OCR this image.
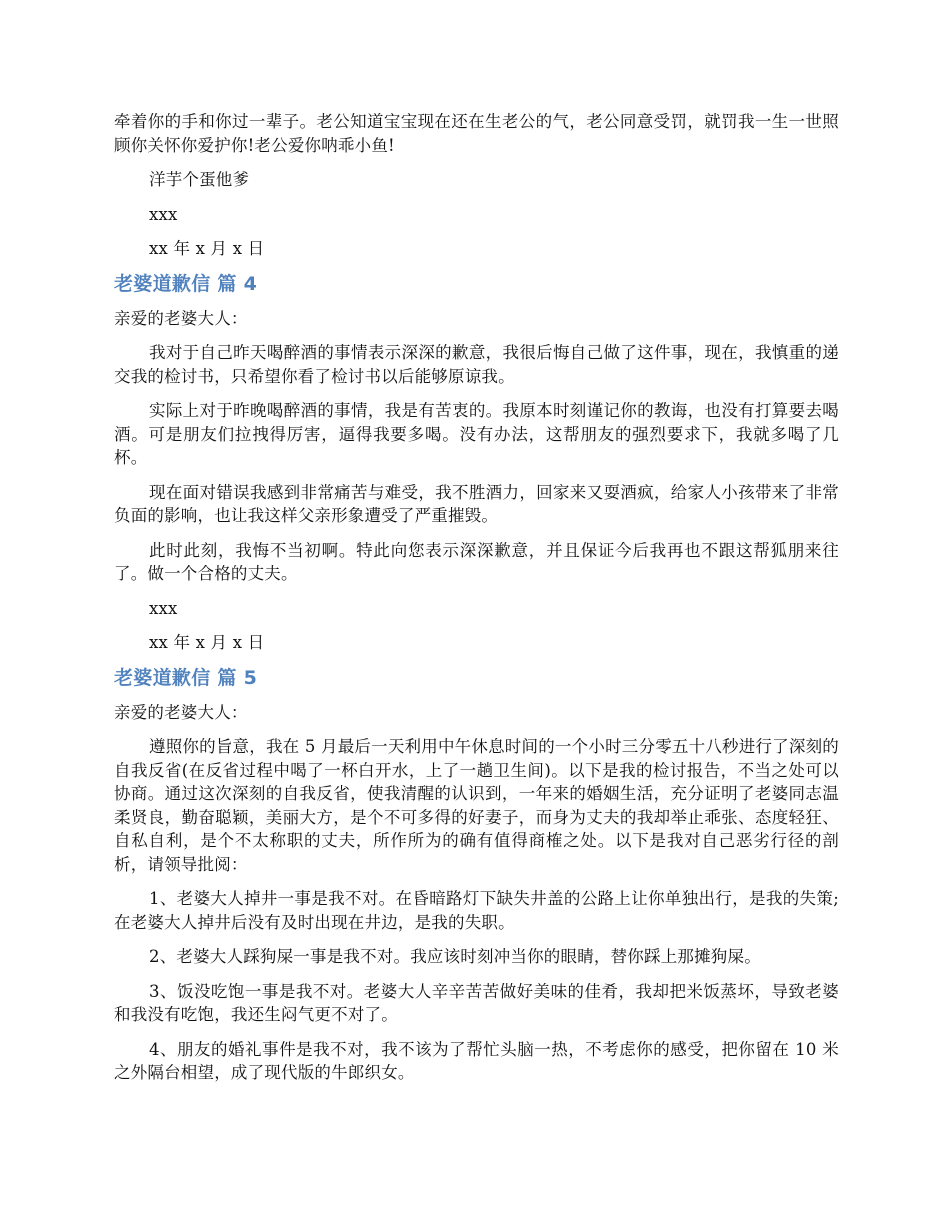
牵着你的手和你过一辈子。老公知道宝宝现在还在生老公的气，老公同意受罚，就罚我一生一世照顾你关怀你爱护你!老公爱你呐乖小鱼!

洋芋个蛋他爹

xxx

xx 年 x 月 x 日

老婆道歉信 篇 4

亲爱的老婆大人：

我对于自己昨天喝醉酒的事情表示深深的歉意，我很后悔自己做了这件事，现在，我慎重的递交我的检讨书，只希望你看了检讨书以后能够原谅我。

实际上对于昨晚喝醉酒的事情，我是有苦衷的。我原本时刻谨记你的教诲，也没有打算要去喝酒。可是朋友们拉拽得厉害，逼得我要多喝。没有办法，这帮朋友的强烈要求下，我就多喝了几杯。

现在面对错误我感到非常痛苦与难受，我不胜酒力，回家来又耍酒疯，给家人小孩带来了非常负面的影响，也让我这样父亲形象遭受了严重摧毁。

此时此刻，我悔不当初啊。特此向您表示深深歉意，并且保证今后我再也不跟这帮狐朋来往了。做一个合格的丈夫。

xxx

xx 年 x 月 x 日

老婆道歉信 篇 5

亲爱的老婆大人：

遵照你的旨意，我在 5 月最后一天利用中午休息时间的一个小时三分零五十八秒进行了深刻的自我反省(在反省过程中喝了一杯白开水，上了一趟卫生间)。以下是我的检讨报告，不当之处可以协商。通过这次深刻的自我反省，使我清醒的认识到，一年来的婚姻生活，充分证明了老婆同志温柔贤良，勤奋聪颖，美丽大方，是个不可多得的好妻子，而身为丈夫的我却举止乖张、态度轻狂、自私自利，是个不太称职的丈夫，所作所为的确有值得商榷之处。以下是我对自己恶劣行径的剖析，请领导批阅：

1、老婆大人掉井一事是我不对。在昏暗路灯下缺失井盖的公路上让你单独出行，是我的失策;在老婆大人掉井后没有及时出现在井边，是我的失职。

2、老婆大人踩狗屎一事是我不对。我应该时刻冲当你的眼睛，替你踩上那摊狗屎。

3、饭没吃饱一事是我不对。老婆大人辛辛苦苦做好美味的佳肴，我却把米饭蒸坏，导致老婆和我没有吃饱，我还生闷气更不对了。

4、朋友的婚礼事件是我不对，我不该为了帮忙头脑一热，不考虑你的感受，把你留在 10 米之外隔台相望，成了现代版的牛郎织女。
